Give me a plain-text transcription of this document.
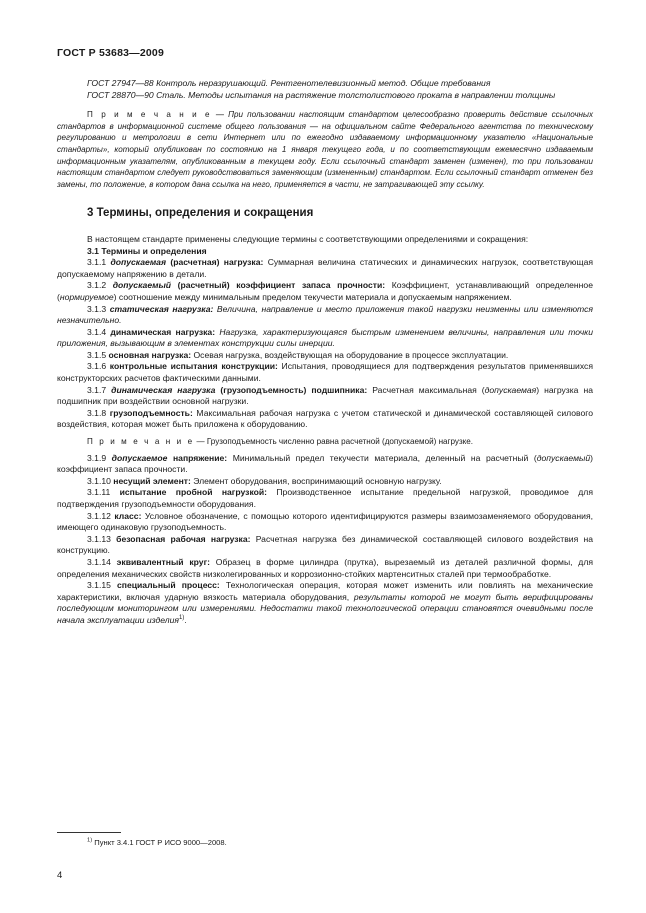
ГОСТ Р 53683—2009

ГОСТ 27947—88 Контроль неразрушающий. Рентгенотелевизионный метод. Общие требования

ГОСТ 28870—90 Сталь. Методы испытания на растяжение толстолистового проката в направлении толщины

П р и м е ч а н и е — При пользовании настоящим стандартом целесообразно проверить действие ссылочных стандартов в информационной системе общего пользования — на официальном сайте Федерального агентства по техническому регулированию и метрологии в сети Интернет или по ежегодно издаваемому информационному указателю «Национальные стандарты», который опубликован по состоянию на 1 января текущего года, и по соответствующим ежемесячно издаваемым информационным указателям, опубликованным в текущем году. Если ссылочный стандарт заменен (изменен), то при пользовании настоящим стандартом следует руководствоваться заменяющим (измененным) стандартом. Если ссылочный стандарт отменен без замены, то положение, в котором дана ссылка на него, применяется в части, не затрагивающей эту ссылку.

3 Термины, определения и сокращения

В настоящем стандарте применены следующие термины с соответствующими определениями и сокращения:

3.1 Термины и определения

3.1.1 допускаемая (расчетная) нагрузка: Суммарная величина статических и динамических нагрузок, соответствующая допускаемому напряжению в детали.

3.1.2 допускаемый (расчетный) коэффициент запаса прочности: Коэффициент, устанавливающий определенное (нормируемое) соотношение между минимальным пределом текучести материала и допускаемым напряжением.

3.1.3 статическая нагрузка: Величина, направление и место приложения такой нагрузки неизменны или изменяются незначительно.

3.1.4 динамическая нагрузка: Нагрузка, характеризующаяся быстрым изменением величины, направления или точки приложения, вызывающим в элементах конструкции силы инерции.

3.1.5 основная нагрузка: Осевая нагрузка, воздействующая на оборудование в процессе эксплуатации.

3.1.6 контрольные испытания конструкции: Испытания, проводящиеся для подтверждения результатов применявшихся конструкторских расчетов фактическими данными.

3.1.7 динамическая нагрузка (грузоподъемность) подшипника: Расчетная максимальная (допускаемая) нагрузка на подшипник при воздействии основной нагрузки.

3.1.8 грузоподъемность: Максимальная рабочая нагрузка с учетом статической и динамической составляющей силового воздействия, которая может быть приложена к оборудованию.

П р и м е ч а н и е — Грузоподъемность численно равна расчетной (допускаемой) нагрузке.

3.1.9 допускаемое напряжение: Минимальный предел текучести материала, деленный на расчетный (допускаемый) коэффициент запаса прочности.

3.1.10 несущий элемент: Элемент оборудования, воспринимающий основную нагрузку.

3.1.11 испытание пробной нагрузкой: Производственное испытание предельной нагрузкой, проводимое для подтверждения грузоподъемности оборудования.

3.1.12 класс: Условное обозначение, с помощью которого идентифицируются размеры взаимозаменяемого оборудования, имеющего одинаковую грузоподъемность.

3.1.13 безопасная рабочая нагрузка: Расчетная нагрузка без динамической составляющей силового воздействия на конструкцию.

3.1.14 эквивалентный круг: Образец в форме цилиндра (прутка), вырезаемый из деталей различной формы, для определения механических свойств низколегированных и коррозионно-стойких мартенситных сталей при термообработке.

3.1.15 специальный процесс: Технологическая операция, которая может изменить или повлиять на механические характеристики, включая ударную вязкость материала оборудования, результаты которой не могут быть верифицированы последующим мониторингом или измерениями. Недостатки такой технологической операции становятся очевидными после начала эксплуатации изделия$^{1)}$.

$^{1)}$ Пункт 3.4.1 ГОСТ Р ИСО 9000—2008.
4
